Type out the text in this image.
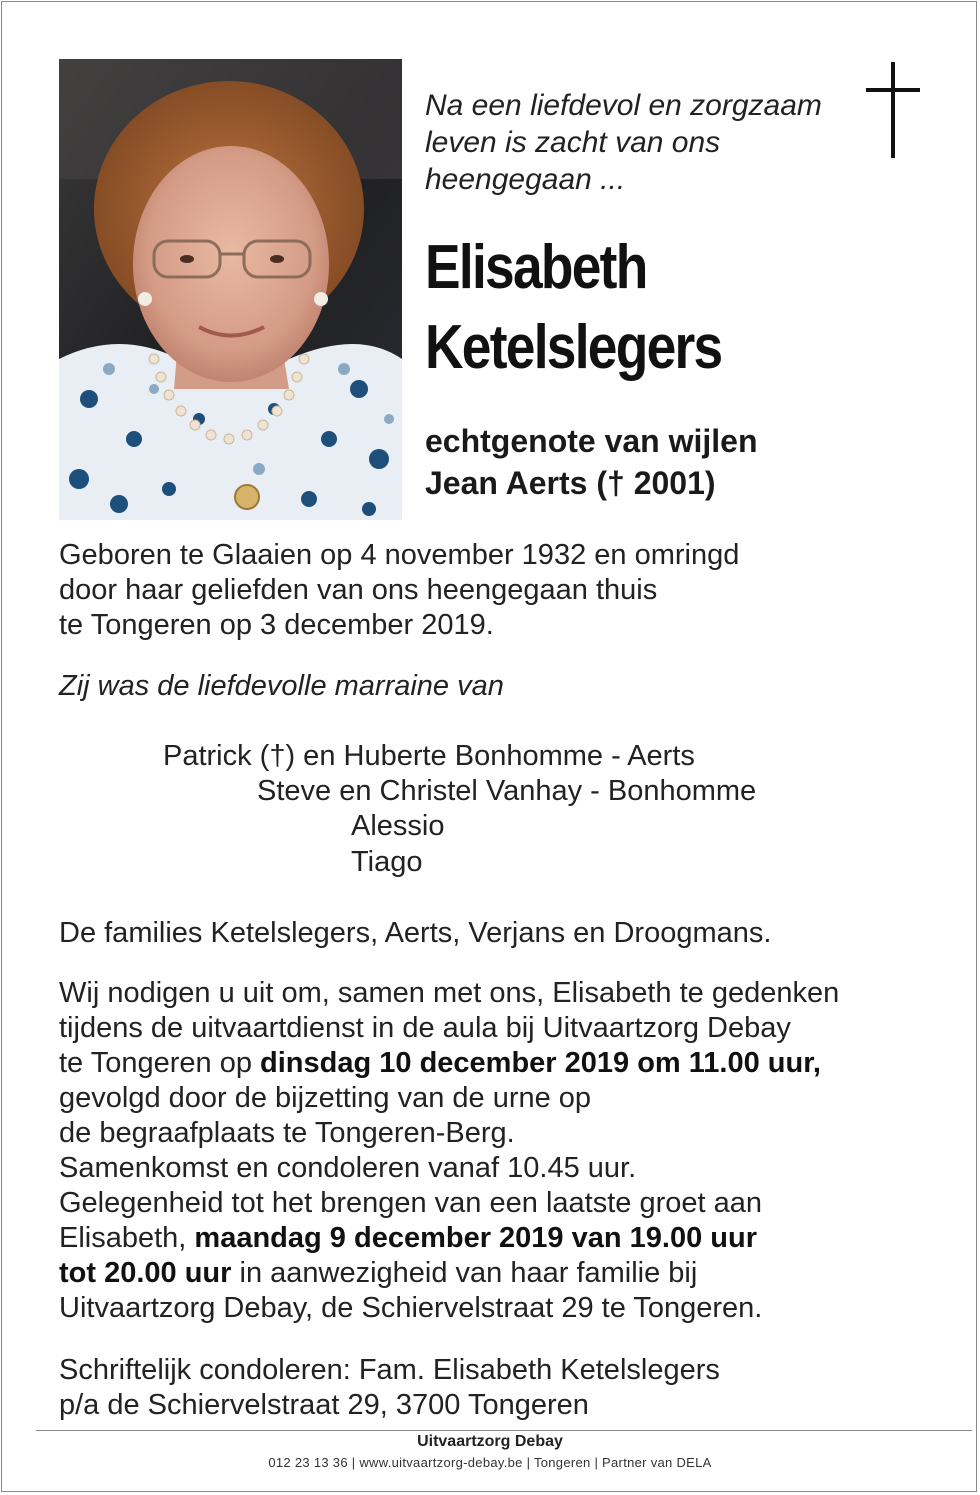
Na een liefdevol en zorgzaam
leven is zacht van ons
heengegaan ...
Elisabeth
Ketelslegers
echtgenote van wijlen
Jean Aerts († 2001)
Geboren te Glaaien op 4 november 1932 en omringd
door haar geliefden van ons heengegaan thuis
te Tongeren op 3 december 2019.
Zij was de liefdevolle marraine van
Patrick (†) en Huberte Bonhomme - Aerts
Steve en Christel Vanhay - Bonhomme
Alessio
Tiago
De families Ketelslegers, Aerts, Verjans en Droogmans.
Wij nodigen u uit om, samen met ons, Elisabeth te gedenken
tijdens de uitvaartdienst in de aula bij Uitvaartzorg Debay
te Tongeren op dinsdag 10 december 2019 om 11.00 uur,
gevolgd door de bijzetting van de urne op
de begraafplaats te Tongeren-Berg.
Samenkomst en condoleren vanaf 10.45 uur.
Gelegenheid tot het brengen van een laatste groet aan
Elisabeth, maandag 9 december 2019 van 19.00 uur
tot 20.00 uur in aanwezigheid van haar familie bij
Uitvaartzorg Debay, de Schiervelstraat 29 te Tongeren.
Schriftelijk condoleren: Fam. Elisabeth Ketelslegers
p/a de Schiervelstraat 29, 3700 Tongeren
Uitvaartzorg Debay
012 23 13 36 | www.uitvaartzorg-debay.be | Tongeren | Partner van DELA
